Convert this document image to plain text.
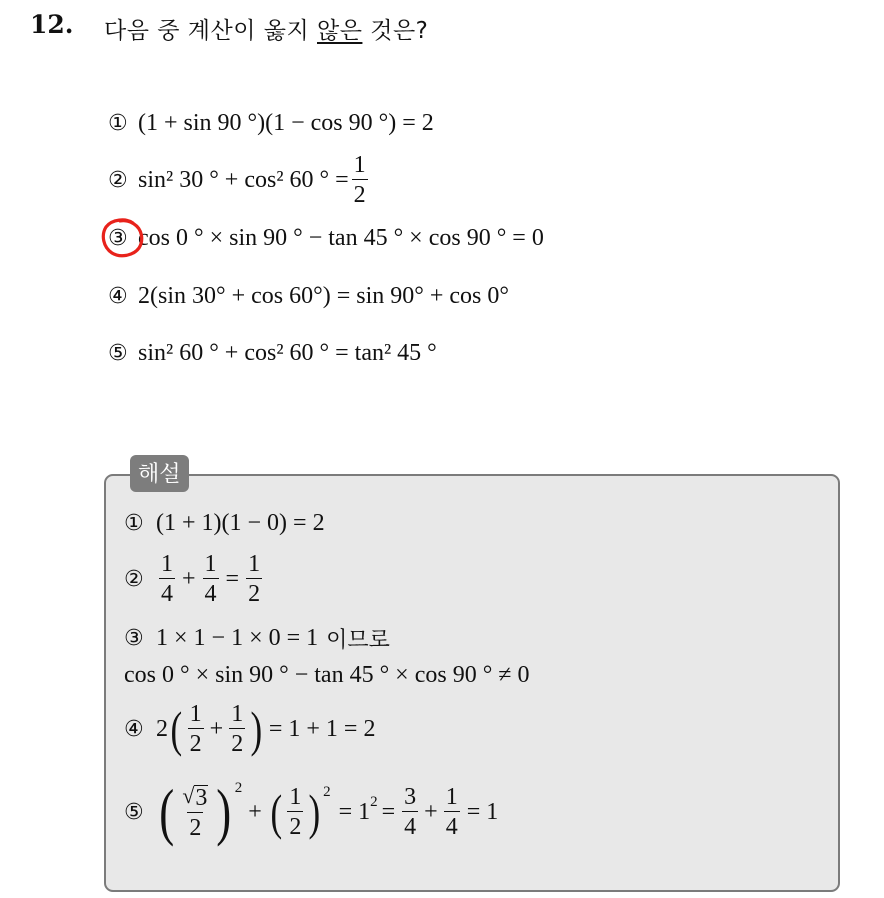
12. 다음 중 계산이 옳지 않은 것은?
① (1 + sin 90 °)(1 − cos 90 °) = 2
② sin² 30 ° + cos² 60 ° = $\frac{1}{2}$
③ cos 0 ° × sin 90 ° − tan 45 ° × cos 90 ° = 0
④ 2(sin 30° + cos 60°) = sin 90° + cos 0°
⑤ sin² 60 ° + cos² 60 ° = tan² 45 °
해설
① (1 + 1)(1 − 0) = 2
② $\frac{1}{4} + \frac{1}{4} = \frac{1}{2}$
③ 1 × 1 − 1 × 0 = 1 이므로
cos 0 ° × sin 90 ° − tan 45 ° × cos 90 ° ≠ 0
④ 2 ( $\frac{1}{2} + \frac{1}{2}$ ) = 1 + 1 = 2
⑤ ( $\frac{√ 3}{2} )^2$
+ ( $\frac{1}{2} )^2$
= $1^2 = \frac{3}{4} + \frac{1}{4} = 1$
